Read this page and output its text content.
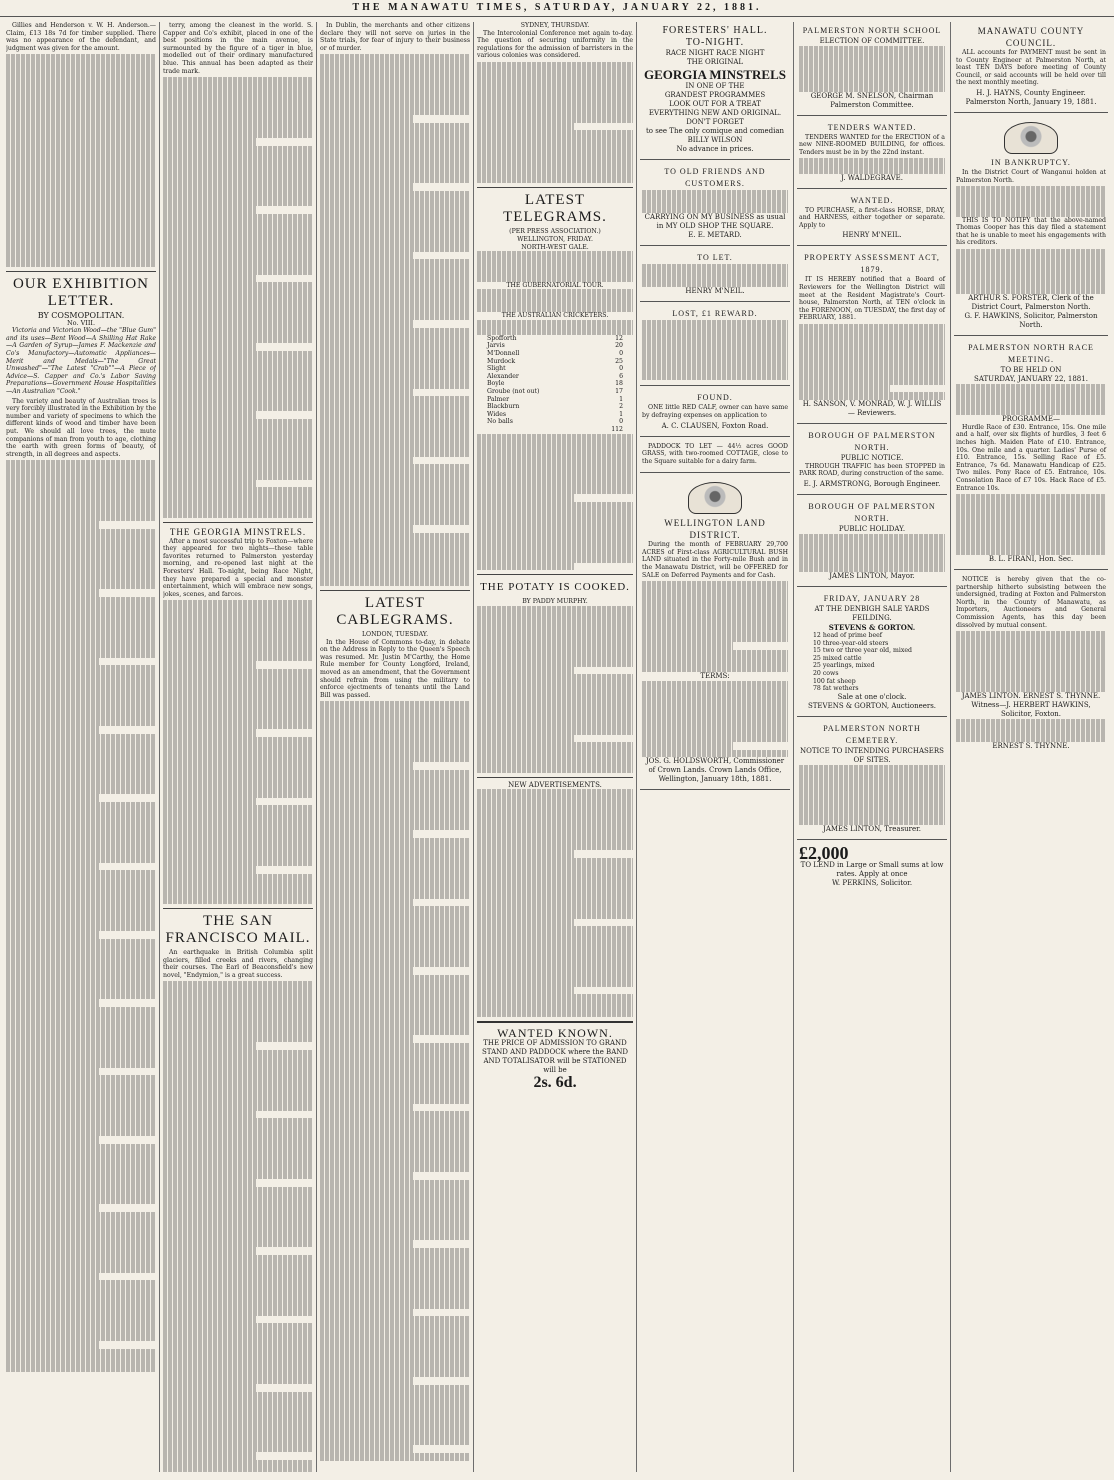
THE MANAWATU TIMES, SATURDAY, JANUARY 22, 1881.

Gillies and Henderson v. W. H. Anderson.—Claim, £13 18s 7d for timber supplied. There was no appearance of the defendant, and judgment was given for the amount.

OUR EXHIBITION LETTER.
BY COSMOPOLITAN.
No. VIII.

Victoria and Victorian Wood—the "Blue Gum" and its uses—Bent Wood—A Shilling Hat Rake—A Garden of Syrup—James F. Mackenzie and Co's Manufactory—Automatic Appliances—Merit and Medals—"The Great Unwashed"—"The Latest "Crab""—A Piece of Advice—S. Capper and Co.'s Labor Saving Preparations—Government House Hospitalities—An Australian "Cook."

The variety and beauty of Australian trees is very forcibly illustrated in the Exhibition by the number and variety of specimens to which the different kinds of wood and timber have been put. We should all love trees, the mute companions of man from youth to age, clothing the earth with green forms of beauty, of strength, in all degrees and aspects.

terry, among the cleanest in the world. S. Capper and Co's exhibit, placed in one of the best positions in the main avenue, is surmounted by the figure of a tiger in blue, modelled out of their ordinary manufactured blue. This annual has been adapted as their trade mark.

THE GEORGIA MINSTRELS.

After a most successful trip to Foxton—where they appeared for two nights—these table favorites returned to Palmerston yesterday morning, and re-opened last night at the Foresters' Hall. To-night, being Race Night, they have prepared a special and monster entertainment, which will embrace new songs, jokes, scenes, and farces.

THE SAN FRANCISCO MAIL.

An earthquake in British Columbia split glaciers, filled creeks and rivers, changing their courses. The Earl of Beaconsfield's new novel, "Endymion," is a great success.

In Dublin, the merchants and other citizens declare they will not serve on juries in the State trials, for fear of injury to their business or of murder.

LATEST CABLEGRAMS.
LONDON, TUESDAY.

In the House of Commons to-day, in debate on the Address in Reply to the Queen's Speech was resumed. Mr. Justin M'Carthy, the Home Rule member for County Longford, Ireland, moved as an amendment, that the Government should refrain from using the military to enforce ejectments of tenants until the Land Bill was passed.

SYDNEY, THURSDAY.

The Intercolonial Conference met again to-day. The question of securing uniformity in the regulations for the admission of barristers in the various colonies was considered.

LATEST TELEGRAMS.
(PER PRESS ASSOCIATION.)
WELLINGTON, FRIDAY.
NORTH-WEST GALE.
THE GUBERNATORIAL TOUR.
THE AUSTRALIAN CRICKETERS.
Spofforth	12
Jarvis	20
M'Donnell	0
Murdock	25
Slight	0
Alexander	6
Boyle	18
Groube (not out)	17
Palmer	1
Blackburn	2
Wides	1
No balls	0
112
THE POTATY IS COOKED.
BY PADDY MURPHY.
NEW ADVERTISEMENTS.
WANTED KNOWN.
THE PRICE OF ADMISSION TO GRAND STAND AND PADDOCK where the BAND AND TOTALISATOR will be STATIONED will be
2s. 6d.
FORESTERS' HALL.
TO-NIGHT.
RACE NIGHT RACE NIGHT
THE ORIGINAL
GEORGIA MINSTRELS
IN ONE OF THE
GRANDEST PROGRAMMES
LOOK OUT FOR A TREAT
EVERYTHING NEW AND ORIGINAL.
DON'T FORGET
to see The only comique and comedian BILLY WILSON
No advance in prices.
TO OLD FRIENDS AND CUSTOMERS.
CARRYING ON MY BUSINESS as usual in MY OLD SHOP THE SQUARE.
E. E. METARD.
TO LET.
HENRY M'NEIL.
LOST, £1 REWARD.
FOUND.

ONE little RED CALF, owner can have same by defraying expenses on application to

A. C. CLAUSEN, Foxton Road.

PADDOCK TO LET — 44½ acres GOOD GRASS, with two-roomed COTTAGE, close to the Square suitable for a dairy farm.

WELLINGTON LAND DISTRICT.

During the month of FEBRUARY 29,700 ACRES of First-class AGRICULTURAL BUSH LAND situated in the Forty-mile Bush and in the Manawatu District, will be OFFERED for SALE on Deferred Payments and for Cash.

TERMS:
JOS. G. HOLDSWORTH, Commissioner of Crown Lands. Crown Lands Office, Wellington, January 18th, 1881.
PALMERSTON NORTH SCHOOL
ELECTION OF COMMITTEE.
GEORGE M. SNELSON, Chairman Palmerston Committee.
TENDERS WANTED.

TENDERS WANTED for the ERECTION of a new NINE-ROOMED BUILDING, for offices. Tenders must be in by the 22nd instant.

J. WALDEGRAVE.
WANTED.

TO PURCHASE, a first-class HORSE, DRAY, and HARNESS, either together or separate. Apply to

HENRY M'NEIL.
PROPERTY ASSESSMENT ACT, 1879.

IT IS HEREBY notified that a Board of Reviewers for the Wellington District will meet at the Resident Magistrate's Court-house, Palmerston North, at TEN o'clock in the FORENOON, on TUESDAY, the first day of FEBRUARY, 1881.

H. SANSON, V. MONRAD, W. J. WILLIS — Reviewers.
BOROUGH OF PALMERSTON NORTH.
PUBLIC NOTICE.

THROUGH TRAFFIC has been STOPPED in PARK ROAD, during construction of the same.

E. J. ARMSTRONG, Borough Engineer.
BOROUGH OF PALMERSTON NORTH.
PUBLIC HOLIDAY.
JAMES LINTON, Mayor.
FRIDAY, JANUARY 28
AT THE DENBIGH SALE YARDS FEILDING.
STEVENS & GORTON.
12 head of prime beef
10 three-year-old steers
15 two or three year old, mixed
25 mixed cattle
25 yearlings, mixed
20 cows
100 fat sheep
78 fat wethers
Sale at one o'clock.
STEVENS & GORTON, Auctioneers.
PALMERSTON NORTH CEMETERY.
NOTICE TO INTENDING PURCHASERS OF SITES.
JAMES LINTON, Treasurer.
£2,000
TO LEND in Large or Small sums at low rates. Apply at once
W. PERKINS, Solicitor.
MANAWATU COUNTY COUNCIL.

ALL accounts for PAYMENT must be sent in to County Engineer at Palmerston North, at least TEN DAYS before meeting of County Council, or said accounts will be held over till the next monthly meeting.

H. J. HAYNS, County Engineer.
Palmerston North, January 19, 1881.
IN BANKRUPTCY.

In the District Court of Wanganui holden at Palmerston North.

THIS IS TO NOTIFY that the above-named Thomas Cooper has this day filed a statement that he is unable to meet his engagements with his creditors.

ARTHUR S. FORSTER, Clerk of the District Court, Palmerston North.
G. F. HAWKINS, Solicitor, Palmerston North.
PALMERSTON NORTH RACE MEETING.
TO BE HELD ON
SATURDAY, JANUARY 22, 1881.
PROGRAMME—

Hurdle Race of £30. Entrance, 15s. One mile and a half, over six flights of hurdles, 3 feet 6 inches high. Maiden Plate of £10. Entrance, 10s. One mile and a quarter. Ladies' Purse of £10. Entrance, 15s. Selling Race of £5. Entrance, 7s 6d. Manawatu Handicap of £25. Two miles. Pony Race of £5. Entrance, 10s. Consolation Race of £7 10s. Hack Race of £5. Entrance 10s.

B. L. FIRANI, Hon. Sec.

NOTICE is hereby given that the co-partnership hitherto subsisting between the undersigned, trading at Foxton and Palmerston North, in the County of Manawatu, as Importers, Auctioneers and General Commission Agents, has this day been dissolved by mutual consent.

JAMES LINTON. ERNEST S. THYNNE.
Witness—J. HERBERT HAWKINS, Solicitor, Foxton.
ERNEST S. THYNNE.
